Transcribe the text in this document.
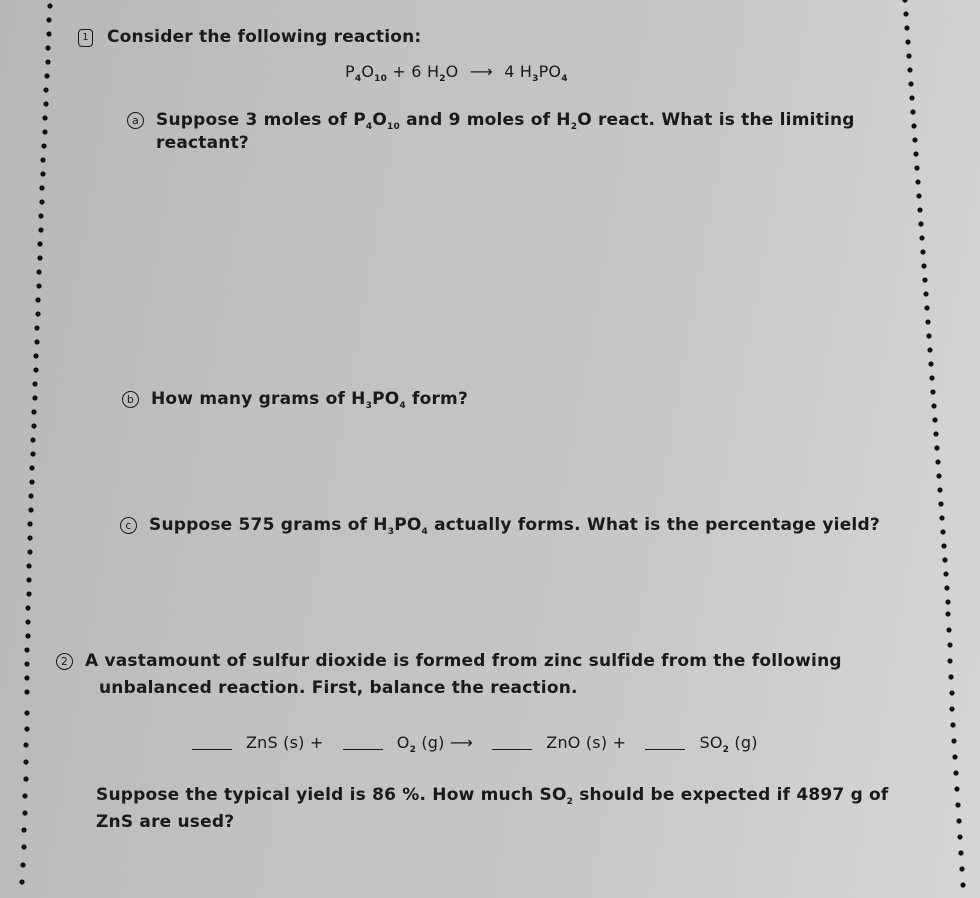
1 Consider the following reaction:
$P_4O_{10} + 6$ $H_2O$ ⟶ 4 $H_3PO_4$
a Suppose 3 moles of $P_4O_{10}$ and 9 moles of $H_2O$ react. What is the limiting
reactant?
b How many grams of $H_3PO_4$ form?
c Suppose 575 grams of $H_3PO_4$ actually forms. What is the percentage yield?
2 A vastamount of sulfur dioxide is formed from zinc sulfide from the following
unbalanced reaction. First, balance the reaction.
ZnS (s) +	$O_2$ (g) ⟶	ZnO (s) +	$SO_2$ (g)
Suppose the typical yield is 86 %. How much $SO_2$ should be expected if 4897 g of
ZnS are used?
